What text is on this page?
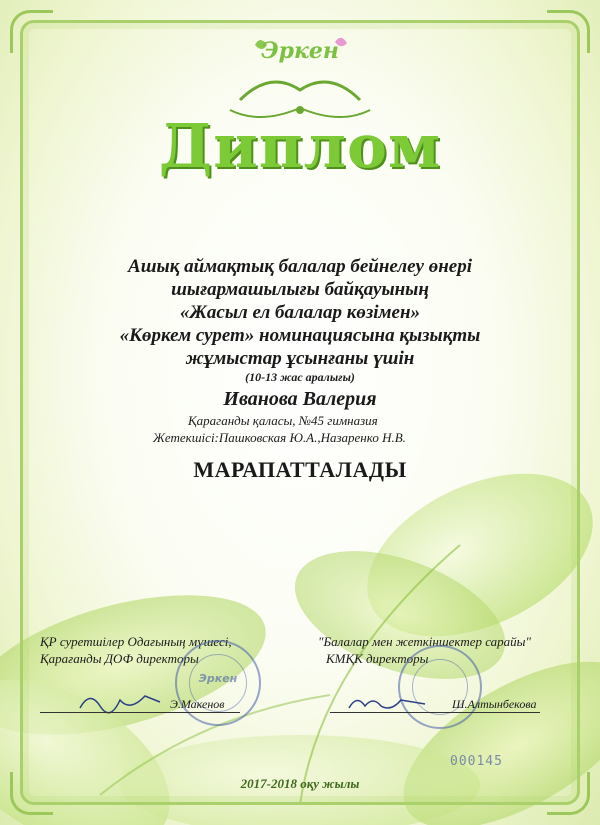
Эркен
Диплом
Ашық аймақтық балалар бейнелеу өнері
шығармашылығы байқауының
«Жасыл ел балалар көзімен»
«Көркем сурет» номинациясына қызықты
жұмыстар ұсынғаны үшін
(10-13 жас аралығы)
Иванова Валерия
Қараганды қаласы, №45 гимназия
Жетекшісі:Пашковская Ю.А.,Назаренко Н.В.
МАРАПАТТАЛАДЫ
ҚР суретшілер Одағының мүшесі,
Қарағанды ДОФ директоры
Эркен
Э.Макенов
"Балалар мен жеткіншектер сарайы"
КМҚК директоры
Ш.Алтынбекова
000145
2017-2018 оқу жылы
